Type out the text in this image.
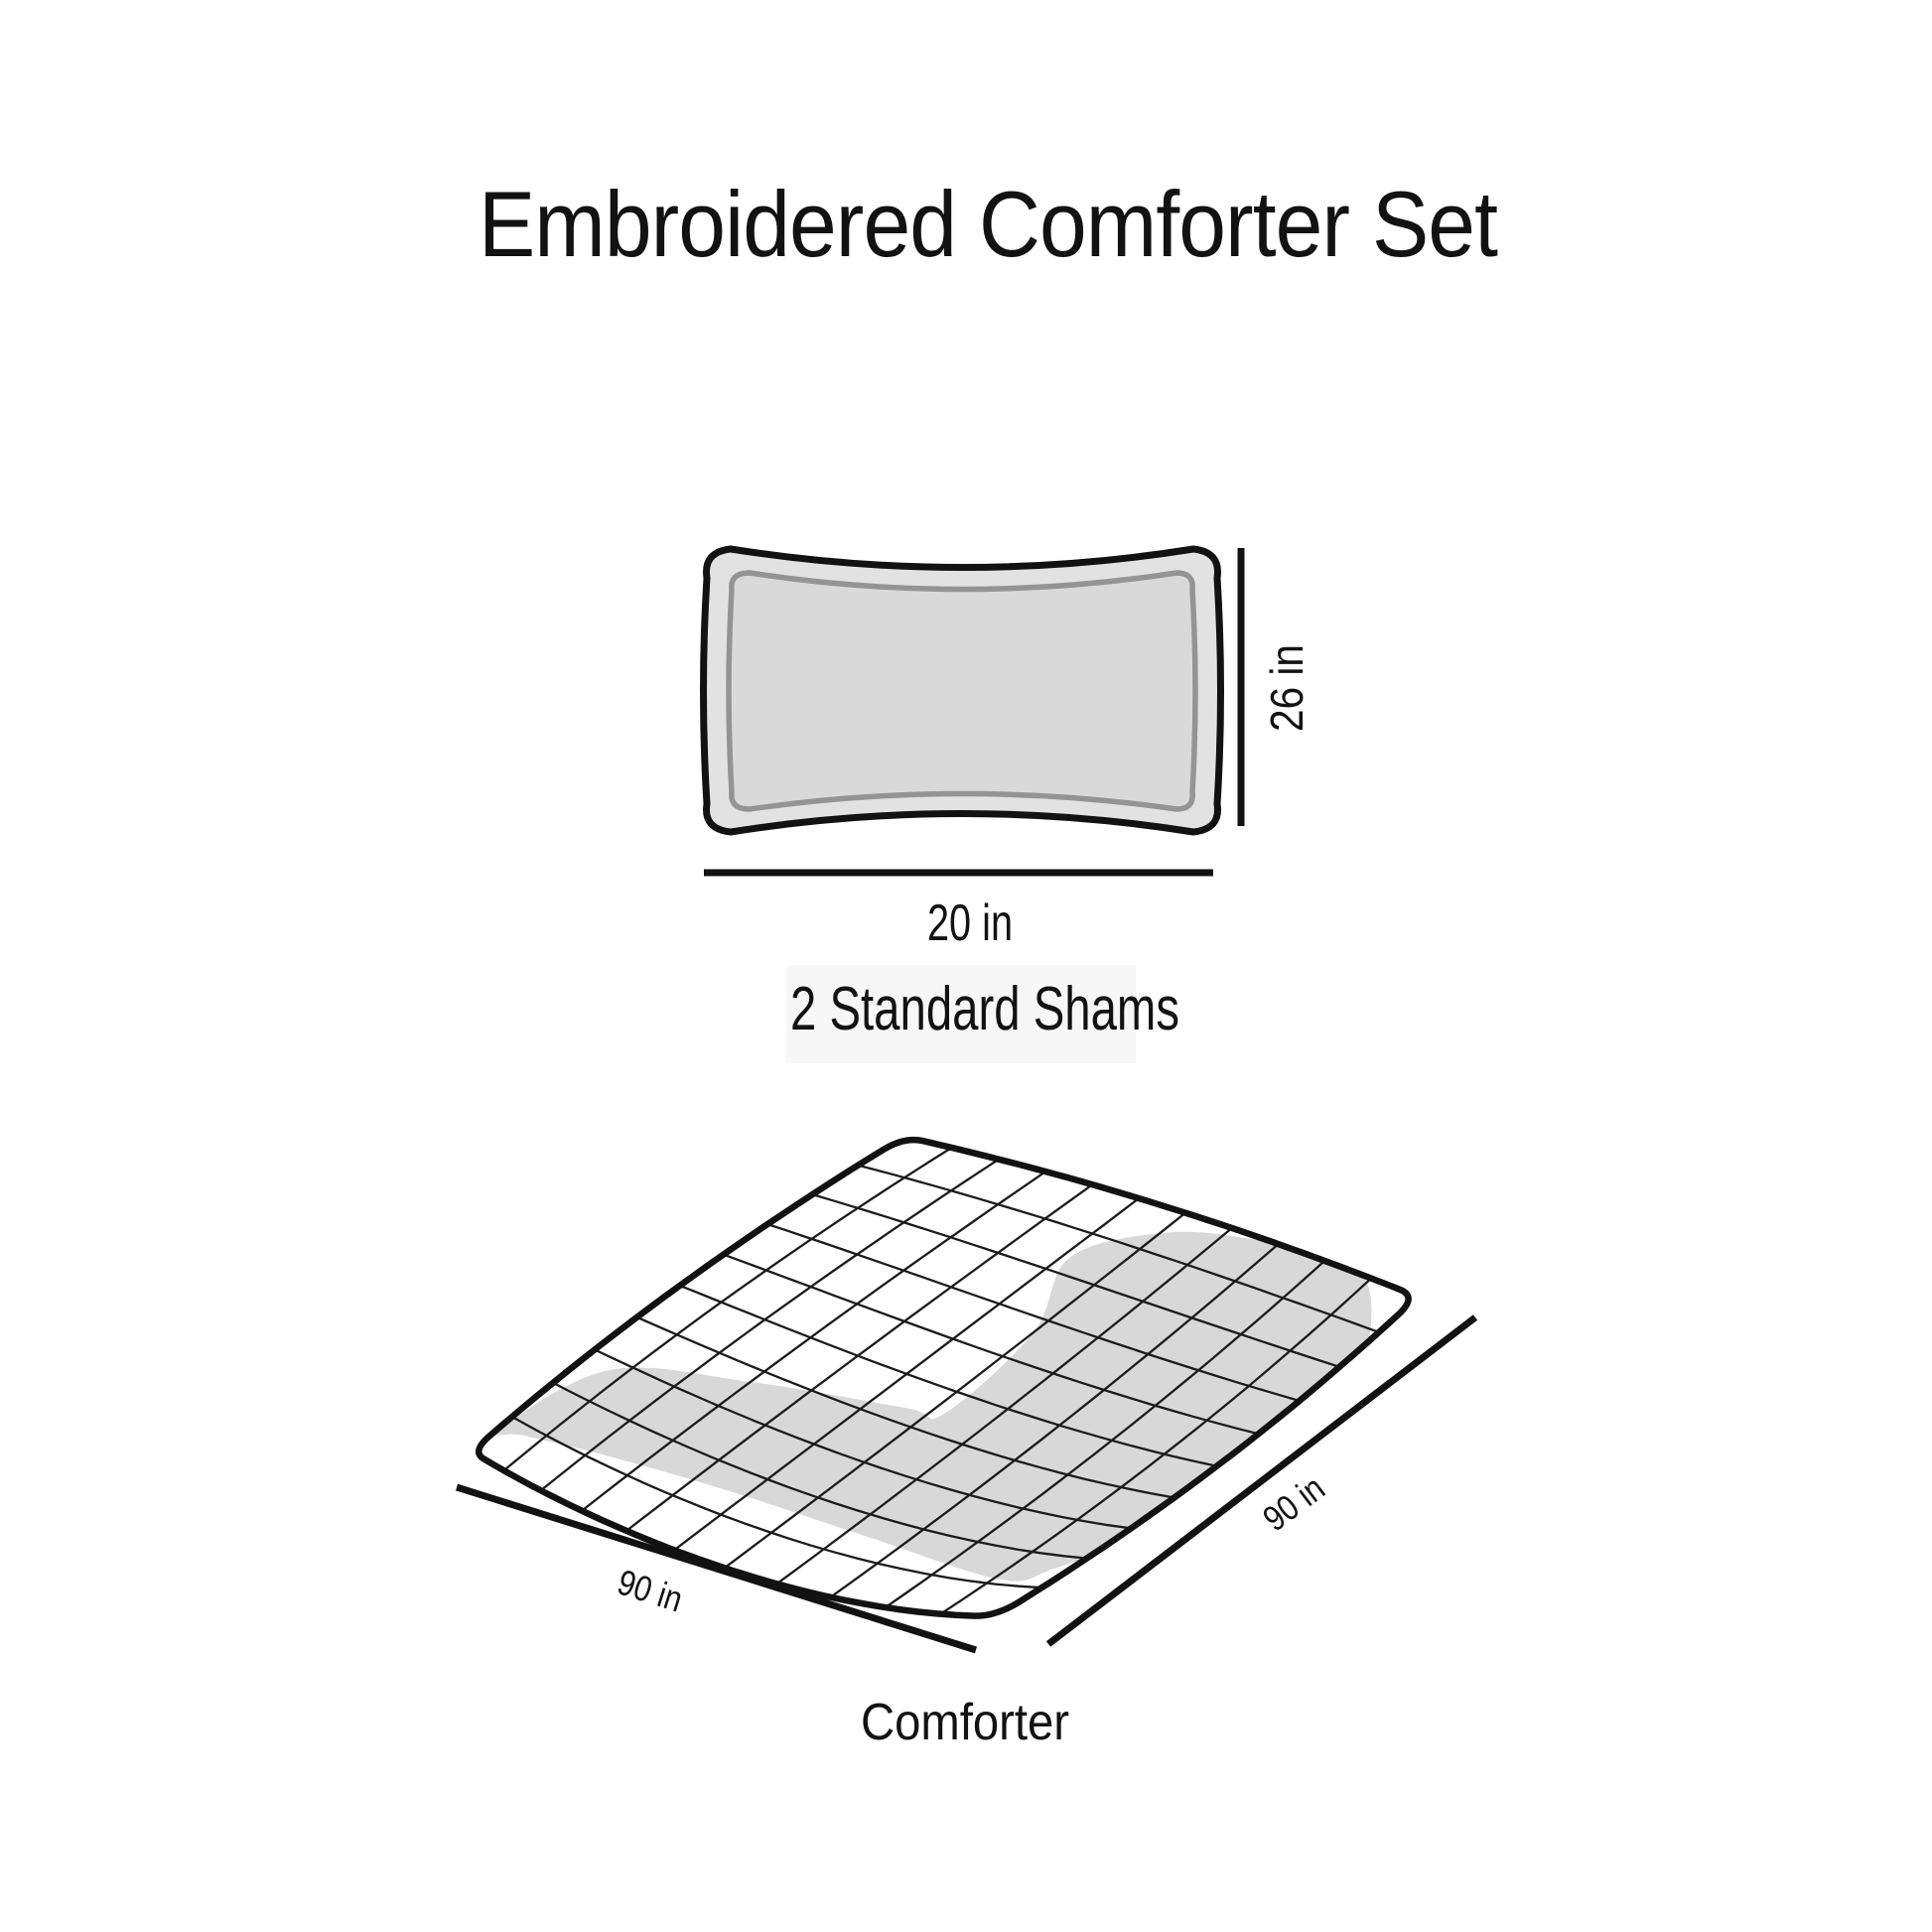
Embroidered Comforter Set
26 in
20 in
2 Standard Shams
90 in
90 in
Comforter
